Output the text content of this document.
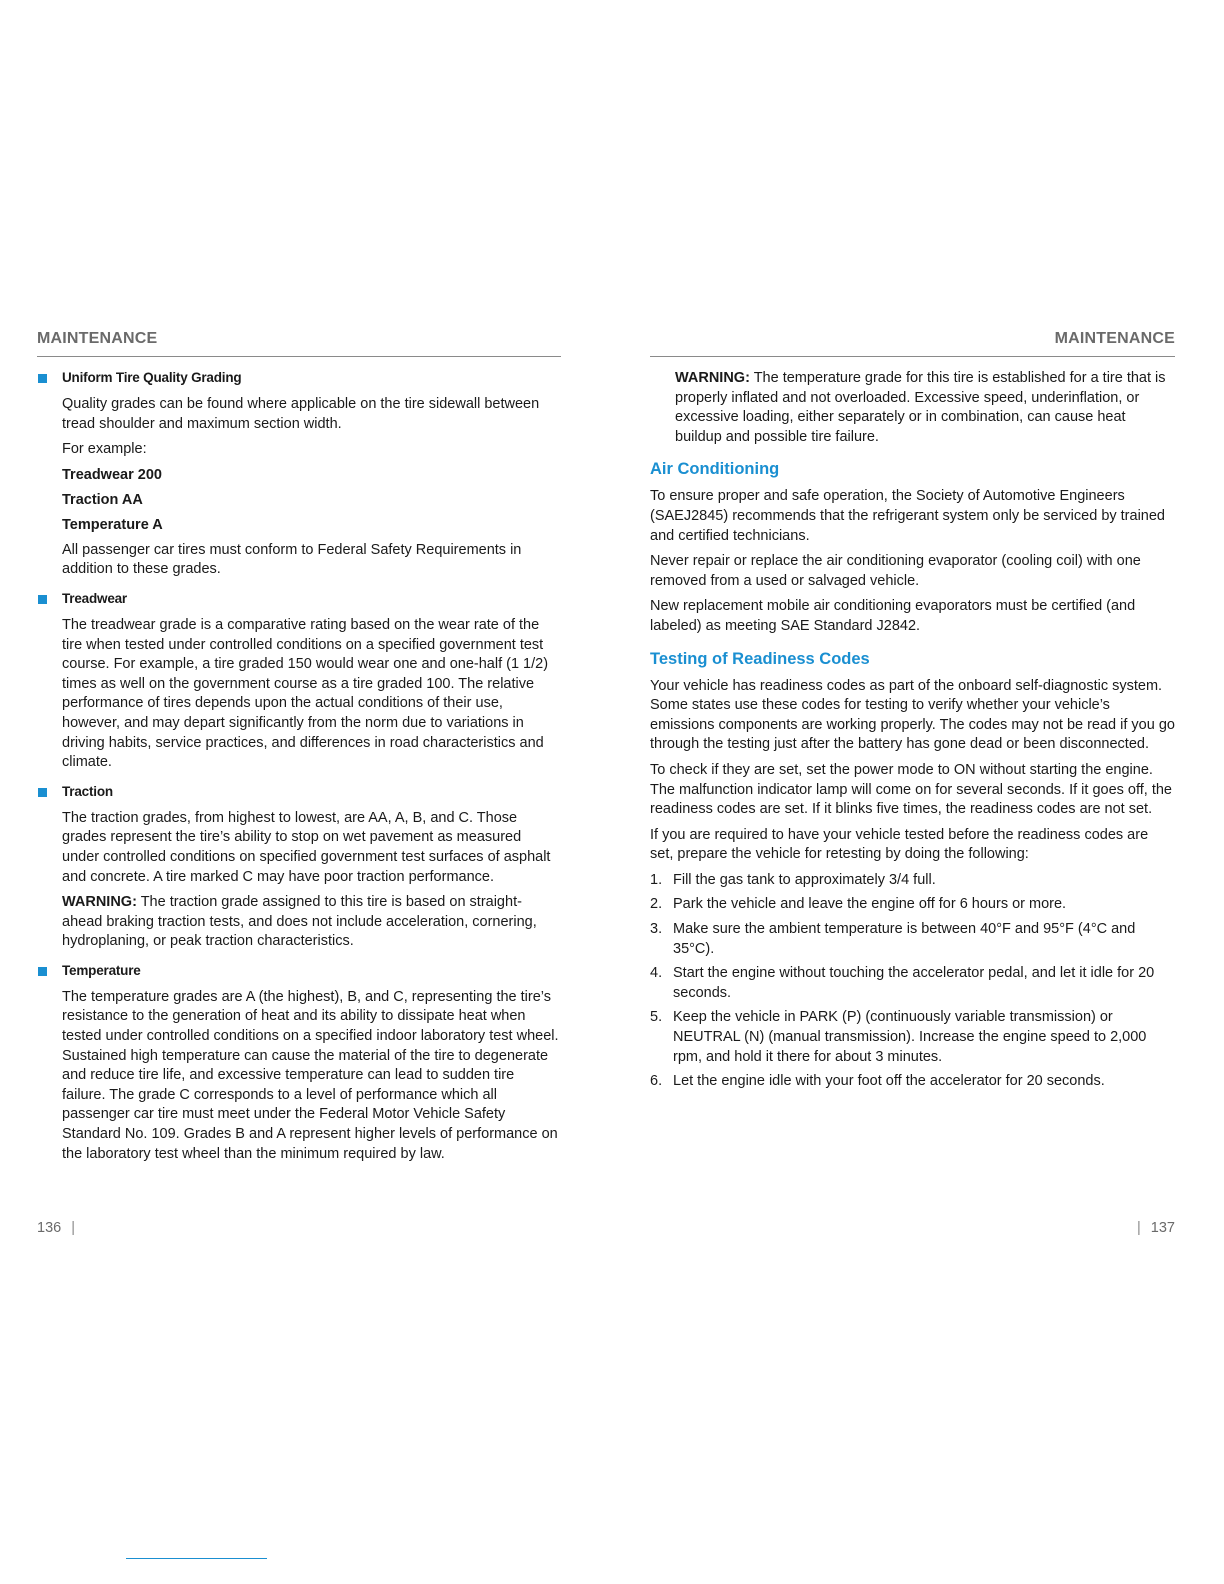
MAINTENANCE
Uniform Tire Quality Grading

Quality grades can be found where applicable on the tire sidewall between tread shoulder and maximum section width.

For example:

Treadwear 200
Traction AA
Temperature A

All passenger car tires must conform to Federal Safety Requirements in addition to these grades.

Treadwear

The treadwear grade is a comparative rating based on the wear rate of the tire when tested under controlled conditions on a specified government test course. For example, a tire graded 150 would wear one and one-half (1 1/2) times as well on the government course as a tire graded 100. The relative performance of tires depends upon the actual conditions of their use, however, and may depart significantly from the norm due to variations in driving habits, service practices, and differences in road characteristics and climate.

Traction

The traction grades, from highest to lowest, are AA, A, B, and C. Those grades represent the tire’s ability to stop on wet pavement as measured under controlled conditions on specified government test surfaces of asphalt and concrete. A tire marked C may have poor traction performance.

WARNING: The traction grade assigned to this tire is based on straight-ahead braking traction tests, and does not include acceleration, cornering, hydroplaning, or peak traction characteristics.

Temperature

The temperature grades are A (the highest), B, and C, representing the tire’s resistance to the generation of heat and its ability to dissipate heat when tested under controlled conditions on a specified indoor laboratory test wheel. Sustained high temperature can cause the material of the tire to degenerate and reduce tire life, and excessive temperature can lead to sudden tire failure. The grade C corresponds to a level of performance which all passenger car tire must meet under the Federal Motor Vehicle Safety Standard No. 109. Grades B and A represent higher levels of performance on the laboratory test wheel than the minimum required by law.

MAINTENANCE

WARNING: The temperature grade for this tire is established for a tire that is properly inflated and not overloaded. Excessive speed, underinflation, or excessive loading, either separately or in combination, can cause heat buildup and possible tire failure.

Air Conditioning

To ensure proper and safe operation, the Society of Automotive Engineers (SAEJ2845) recommends that the refrigerant system only be serviced by trained and certified technicians.

Never repair or replace the air conditioning evaporator (cooling coil) with one removed from a used or salvaged vehicle.

New replacement mobile air conditioning evaporators must be certified (and labeled) as meeting SAE Standard J2842.

Testing of Readiness Codes

Your vehicle has readiness codes as part of the onboard self-diagnostic system. Some states use these codes for testing to verify whether your vehicle’s emissions components are working properly. The codes may not be read if you go through the testing just after the battery has gone dead or been disconnected.

To check if they are set, set the power mode to ON without starting the engine. The malfunction indicator lamp will come on for several seconds. If it goes off, the readiness codes are set. If it blinks five times, the readiness codes are not set.

If you are required to have your vehicle tested before the readiness codes are set, prepare the vehicle for retesting by doing the following:

1. Fill the gas tank to approximately 3/4 full.
2. Park the vehicle and leave the engine off for 6 hours or more.
3. Make sure the ambient temperature is between 40°F and 95°F (4°C and 35°C).
4. Start the engine without touching the accelerator pedal, and let it idle for 20 seconds.
5. Keep the vehicle in PARK (P) (continuously variable transmission) or NEUTRAL (N) (manual transmission). Increase the engine speed to 2,000 rpm, and hold it there for about 3 minutes.
6. Let the engine idle with your foot off the accelerator for 20 seconds.
136 |	| 137
